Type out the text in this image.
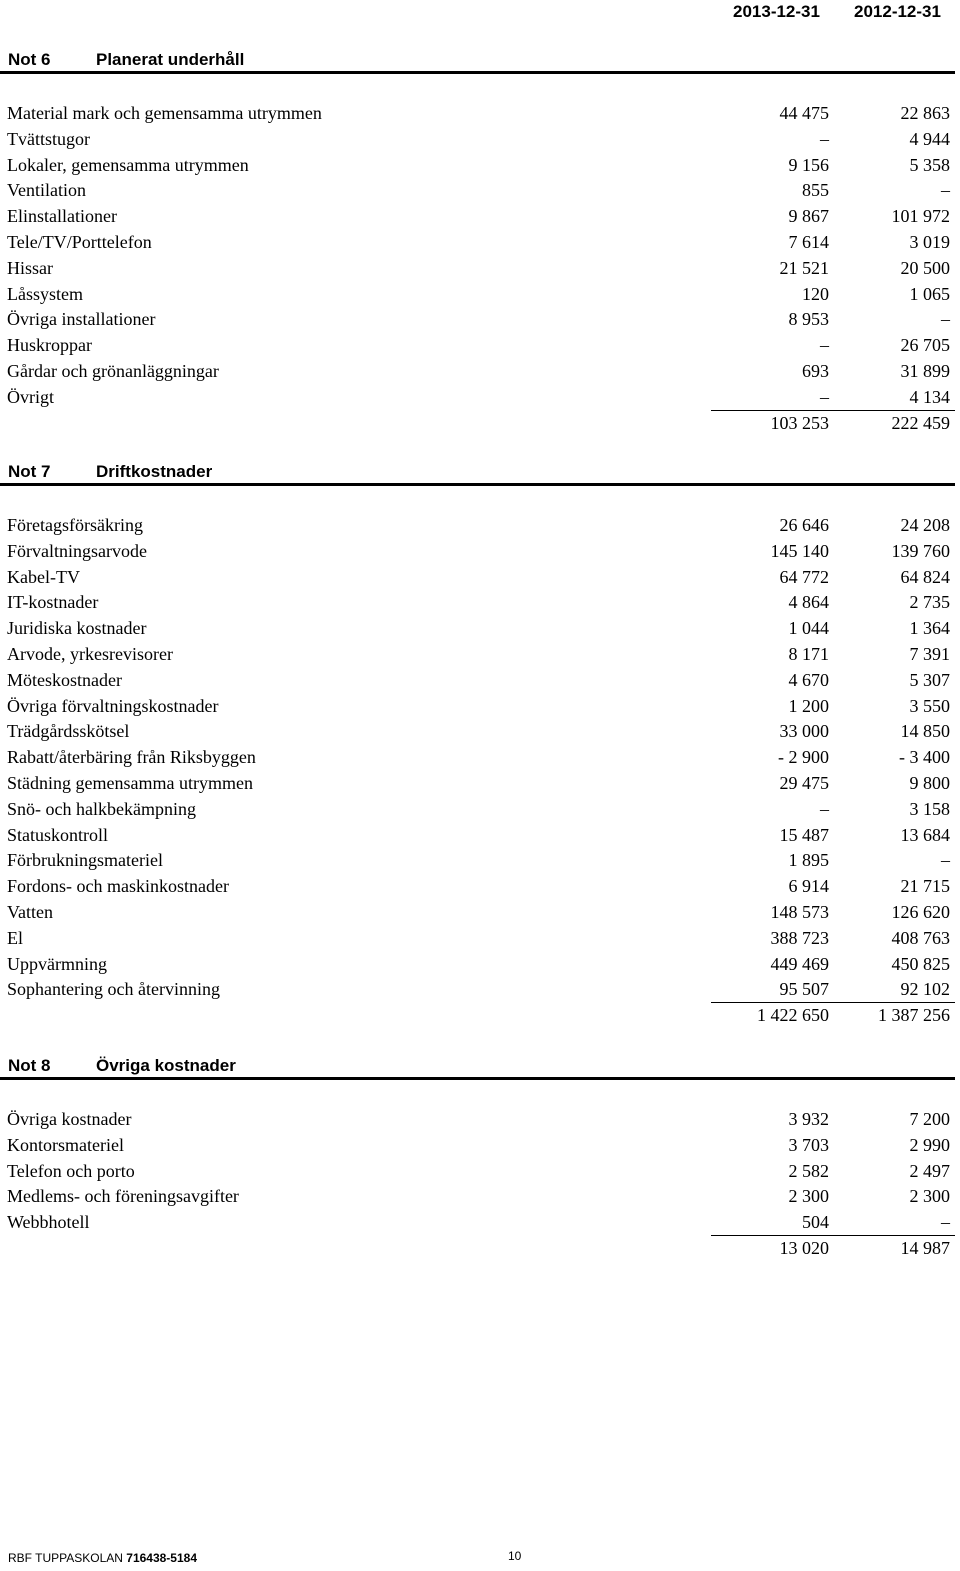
2013-12-31 2012-12-31
Not 6	Planerat underhåll
Material mark och gemensamma utrymmen	44 475	22 863
Tvättstugor	–	4 944
Lokaler, gemensamma utrymmen	9 156	5 358
Ventilation	855	–
Elinstallationer	9 867	101 972
Tele/TV/Porttelefon	7 614	3 019
Hissar	21 521	20 500
Låssystem	120	1 065
Övriga installationer	8 953	–
Huskroppar	–	26 705
Gårdar och grönanläggningar	693	31 899
Övrigt	–	4 134
103 253	222 459
Not 7	Driftkostnader
Företagsförsäkring	26 646	24 208
Förvaltningsarvode	145 140	139 760
Kabel-TV	64 772	64 824
IT-kostnader	4 864	2 735
Juridiska kostnader	1 044	1 364
Arvode, yrkesrevisorer	8 171	7 391
Möteskostnader	4 670	5 307
Övriga förvaltningskostnader	1 200	3 550
Trädgårdsskötsel	33 000	14 850
Rabatt/återbäring från Riksbyggen	- 2 900	- 3 400
Städning gemensamma utrymmen	29 475	9 800
Snö- och halkbekämpning	–	3 158
Statuskontroll	15 487	13 684
Förbrukningsmateriel	1 895	–
Fordons- och maskinkostnader	6 914	21 715
Vatten	148 573	126 620
El	388 723	408 763
Uppvärmning	449 469	450 825
Sophantering och återvinning	95 507	92 102
1 422 650	1 387 256
Not 8	Övriga kostnader
Övriga kostnader	3 932	7 200
Kontorsmateriel	3 703	2 990
Telefon och porto	2 582	2 497
Medlems- och föreningsavgifter	2 300	2 300
Webbhotell	504	–
13 020	14 987
RBF TUPPASKOLAN 716438-5184	10
